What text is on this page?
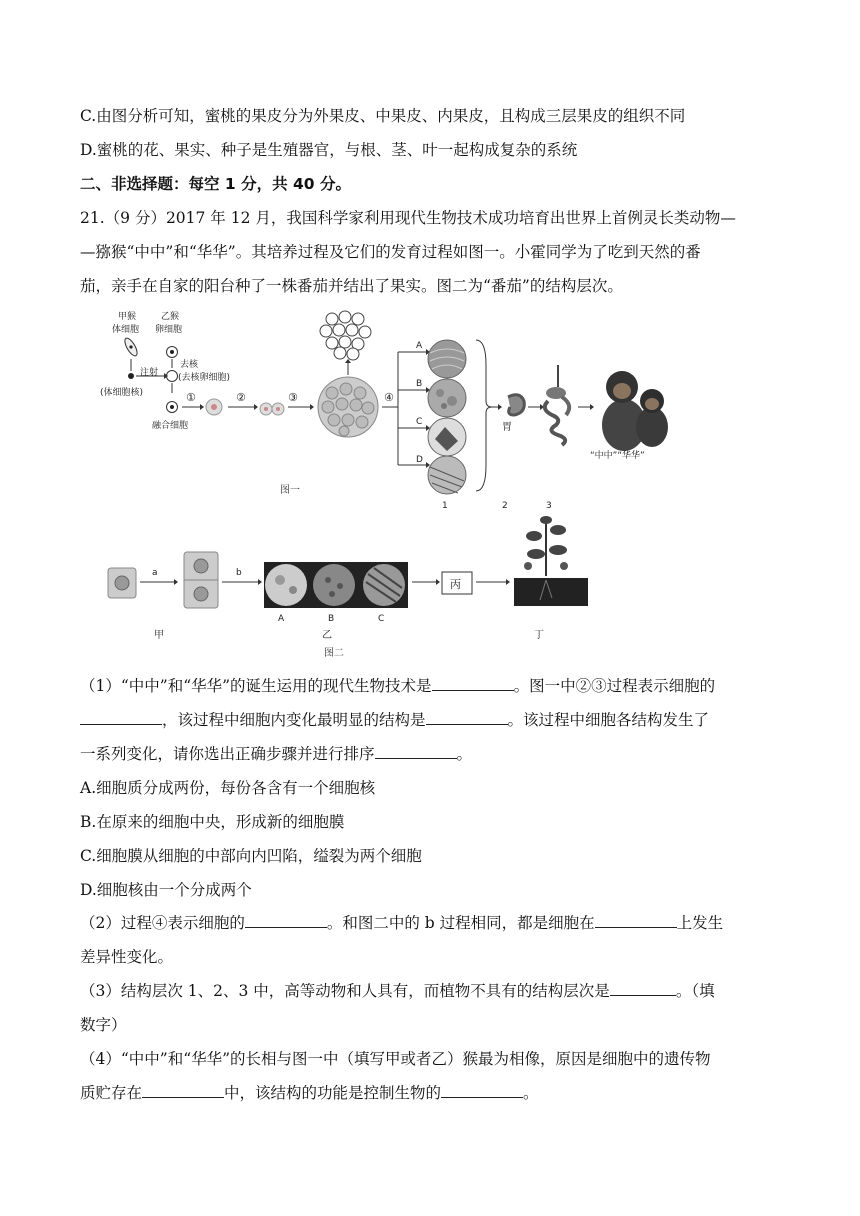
C.由图分析可知，蜜桃的果皮分为外果皮、中果皮、内果皮，且构成三层果皮的组织不同
D.蜜桃的花、果实、种子是生殖器官，与根、茎、叶一起构成复杂的系统
二、非选择题：每空 1 分，共 40 分。
21.（9 分）2017 年 12 月，我国科学家利用现代生物技术成功培育出世界上首例灵长类动物—
—猕猴“中中”和“华华”。其培养过程及它们的发育过程如图一。小霍同学为了吃到天然的番
茄，亲手在自家的阳台种了一株番茄并结出了果实。图二为“番茄”的结构层次。
甲猴
体细胞
乙猴
卵细胞
注射
(体细胞核)
去核
(去核卵细胞)
融合细胞
①	②	③	④
A
B
C
D
胃
“中中”“华华”
图一
1	2	3
a	b
丙
甲
A	B	C
乙	丁
图二
（1）“中中”和“华华”的诞生运用的现代生物技术是	。图一中②③过程表示细胞的
，该过程中细胞内变化最明显的结构是	。该过程中细胞各结构发生了
一系列变化，请你选出正确步骤并进行排序	。
A.细胞质分成两份，每份各含有一个细胞核
B.在原来的细胞中央，形成新的细胞膜
C.细胞膜从细胞的中部向内凹陷，缢裂为两个细胞
D.细胞核由一个分成两个
（2）过程④表示细胞的	。和图二中的 b 过程相同，都是细胞在	上发生
差异性变化。
（3）结构层次 1、2、3 中，高等动物和人具有，而植物不具有的结构层次是	。（填
数字）
（4）“中中”和“华华”的长相与图一中（填写甲或者乙）猴最为相像，原因是细胞中的遗传物
质贮存在	中，该结构的功能是控制生物的	。
